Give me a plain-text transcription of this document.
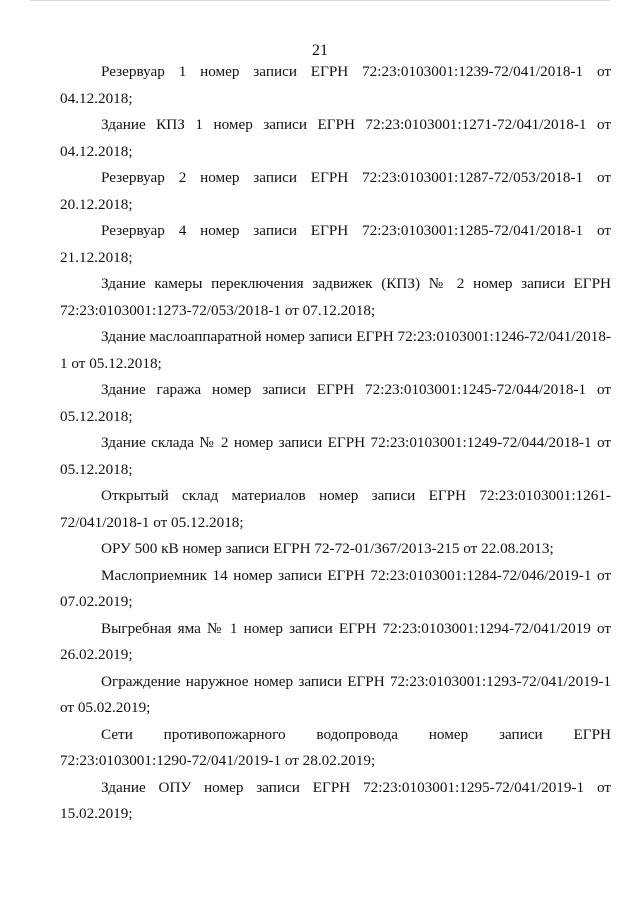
21

Резервуар 1 номер записи ЕГРН 72:23:0103001:1239-72/041/2018-1 от 04.12.2018;

Здание КПЗ 1 номер записи ЕГРН 72:23:0103001:1271-72/041/2018-1 от 04.12.2018;

Резервуар 2 номер записи ЕГРН 72:23:0103001:1287-72/053/2018-1 от 20.12.2018;

Резервуар 4 номер записи ЕГРН 72:23:0103001:1285-72/041/2018-1 от 21.12.2018;

Здание камеры переключения задвижек (КПЗ) № 2 номер записи ЕГРН 72:23:0103001:1273-72/053/2018-1 от 07.12.2018;

Здание маслоаппаратной номер записи ЕГРН 72:23:0103001:1246-72/041/2018-1 от 05.12.2018;

Здание гаража номер записи ЕГРН 72:23:0103001:1245-72/044/2018-1 от 05.12.2018;

Здание склада № 2 номер записи ЕГРН 72:23:0103001:1249-72/044/2018-1 от 05.12.2018;

Открытый склад материалов номер записи ЕГРН 72:23:0103001:1261-72/041/2018-1 от 05.12.2018;

ОРУ 500 кВ номер записи ЕГРН 72-72-01/367/2013-215 от 22.08.2013;

Маслоприемник 14 номер записи ЕГРН 72:23:0103001:1284-72/046/2019-1 от 07.02.2019;

Выгребная яма № 1 номер записи ЕГРН 72:23:0103001:1294-72/041/2019 от 26.02.2019;

Ограждение наружное номер записи ЕГРН 72:23:0103001:1293-72/041/2019-1 от 05.02.2019;

Сети противопожарного водопровода номер записи ЕГРН 72:23:0103001:1290-72/041/2019-1 от 28.02.2019;

Здание ОПУ номер записи ЕГРН 72:23:0103001:1295-72/041/2019-1 от 15.02.2019;
